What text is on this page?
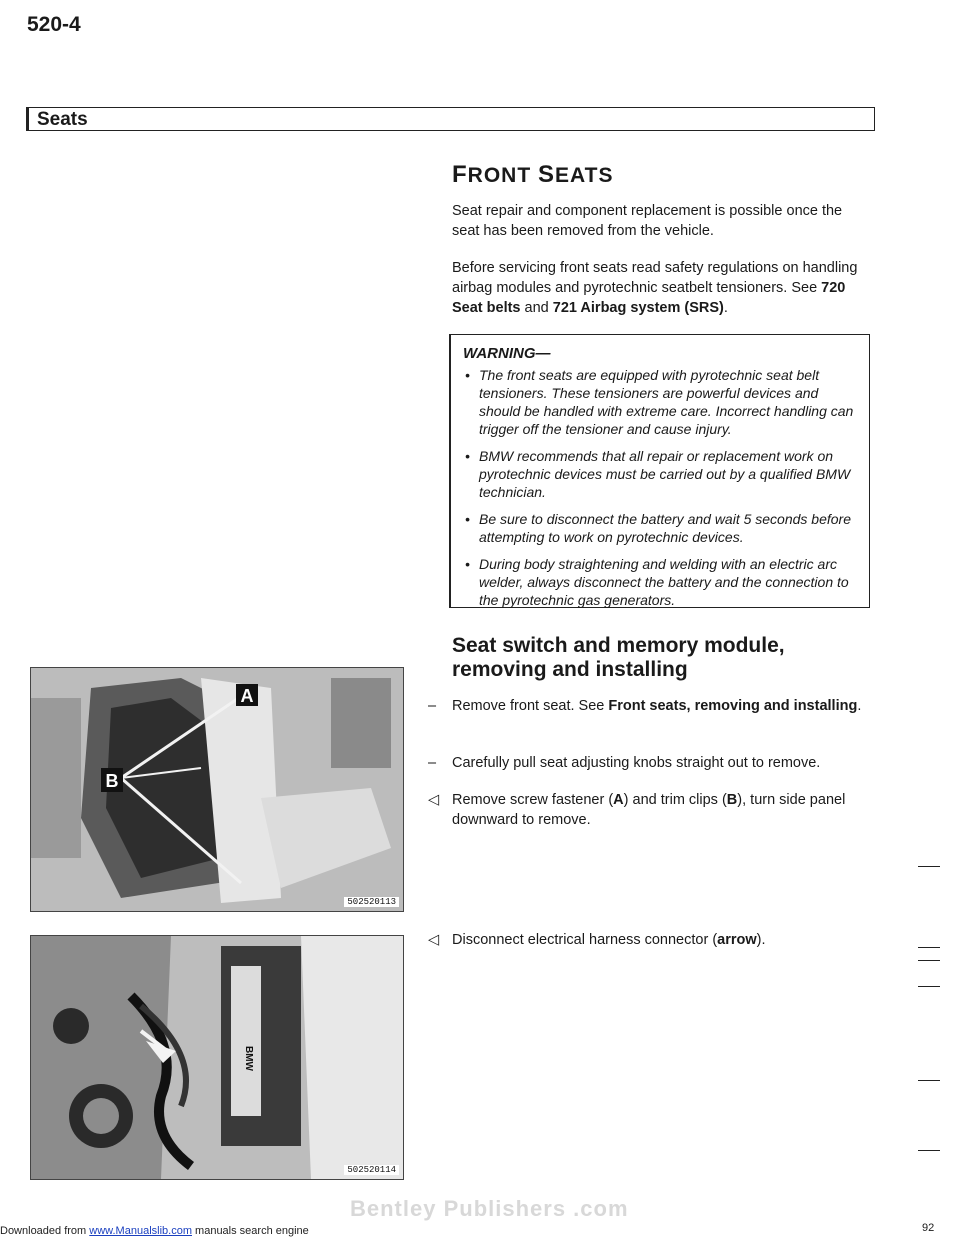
520-4
Seats
FRONT SEATS
Seat repair and component replacement is possible once the seat has been removed from the vehicle.
Before servicing front seats read safety regulations on handling airbag modules and pyrotechnic seatbelt tensioners. See 720 Seat belts and 721 Airbag system (SRS).
WARNING—
• The front seats are equipped with pyrotechnic seat belt tensioners. These tensioners are powerful devices and should be handled with extreme care. Incorrect handling can trigger off the tensioner and cause injury.
• BMW recommends that all repair or replacement work on pyrotechnic devices must be carried out by a qualified BMW technician.
• Be sure to disconnect the battery and wait 5 seconds before attempting to work on pyrotechnic devices.
• During body straightening and welding with an electric arc welder, always disconnect the battery and the connection to the pyrotechnic gas generators.
Seat switch and memory module, removing and installing
–	Remove front seat. See Front seats, removing and installing.
–	Carefully pull seat adjusting knobs straight out to remove.
◁ Remove screw fastener (A) and trim clips (B), turn side panel downward to remove.
◁ Disconnect electrical harness connector (arrow).
A
B
502520113
BMW
502520114
Bentley Publishers .com
92
Downloaded from www.Manualslib.com manuals search engine
